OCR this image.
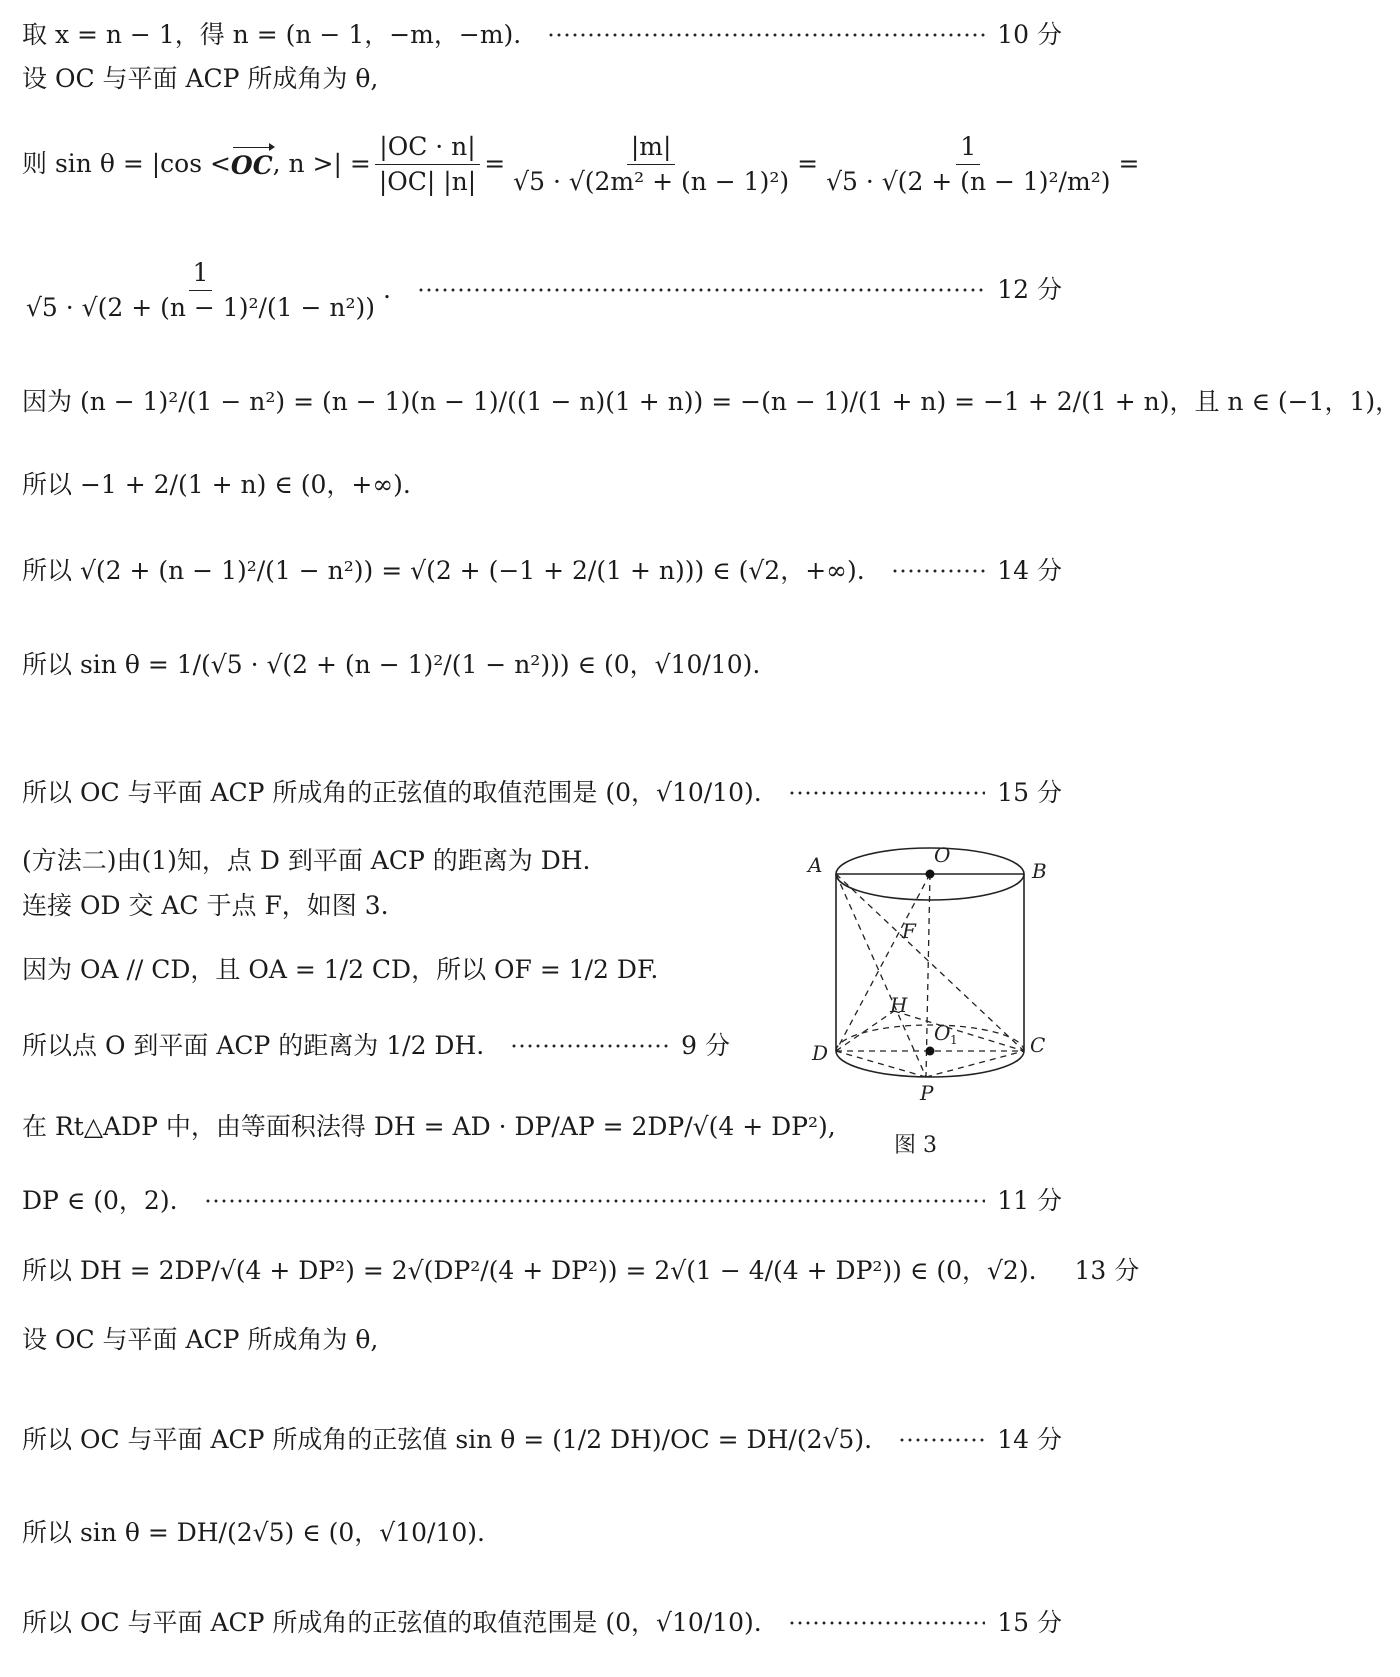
取 x = n − 1，得 n = (n − 1，−m，−m).	10 分
设 OC 与平面 ACP 所成角为 θ,
则 sin θ = |cos < OC , n >| = $\frac{|OC \cdot n|}{|OC| |n|} = \frac{|m|}{\text{√5 · √(2m² + (n − 1)²)}} = \frac{1}{\text{√5 · √(2 + (n − 1)²/m²)}}$ =
$\frac{1}{\text{√5 · √(2 + (n − 1)²/(1 − n²))}}$ .	12 分
因为 (n − 1)²/(1 − n²) = (n − 1)(n − 1)/((1 − n)(1 + n)) = −(n − 1)/(1 + n) = −1 + 2/(1 + n)，且 n ∈ (−1，1)，
所以 −1 + 2/(1 + n) ∈ (0，+∞).
所以 √(2 + (n − 1)²/(1 − n²)) = √(2 + (−1 + 2/(1 + n))) ∈ (√2，+∞).	14 分
所以 sin θ = 1/(√5 · √(2 + (n − 1)²/(1 − n²))) ∈ (0，√10/10).
所以 OC 与平面 ACP 所成角的正弦值的取值范围是 (0，√10/10).	15 分
(方法二)由(1)知，点 D 到平面 ACP 的距离为 DH.
连接 OD 交 AC 于点 F，如图 3.
因为 OA // CD，且 OA = 1/2 CD，所以 OF = 1/2 DF.
所以点 O 到平面 ACP 的距离为 1/2 DH.	9 分
在 Rt△ADP 中，由等面积法得 DH = AD · DP/AP = 2DP/√(4 + DP²),
DP ∈ (0，2).	11 分
所以 DH = 2DP/√(4 + DP²) = 2√(DP²/(4 + DP²)) = 2√(1 − 4/(4 + DP²)) ∈ (0，√2). 13 分
设 OC 与平面 ACP 所成角为 θ,
所以 OC 与平面 ACP 所成角的正弦值 sin θ = (1/2 DH)/OC = DH/(2√5).	14 分
所以 sin θ = DH/(2√5) ∈ (0，√10/10).
所以 OC 与平面 ACP 所成角的正弦值的取值范围是 (0，√10/10).	15 分
A	O
B
F
H
O 1
D	C
P
图 3
